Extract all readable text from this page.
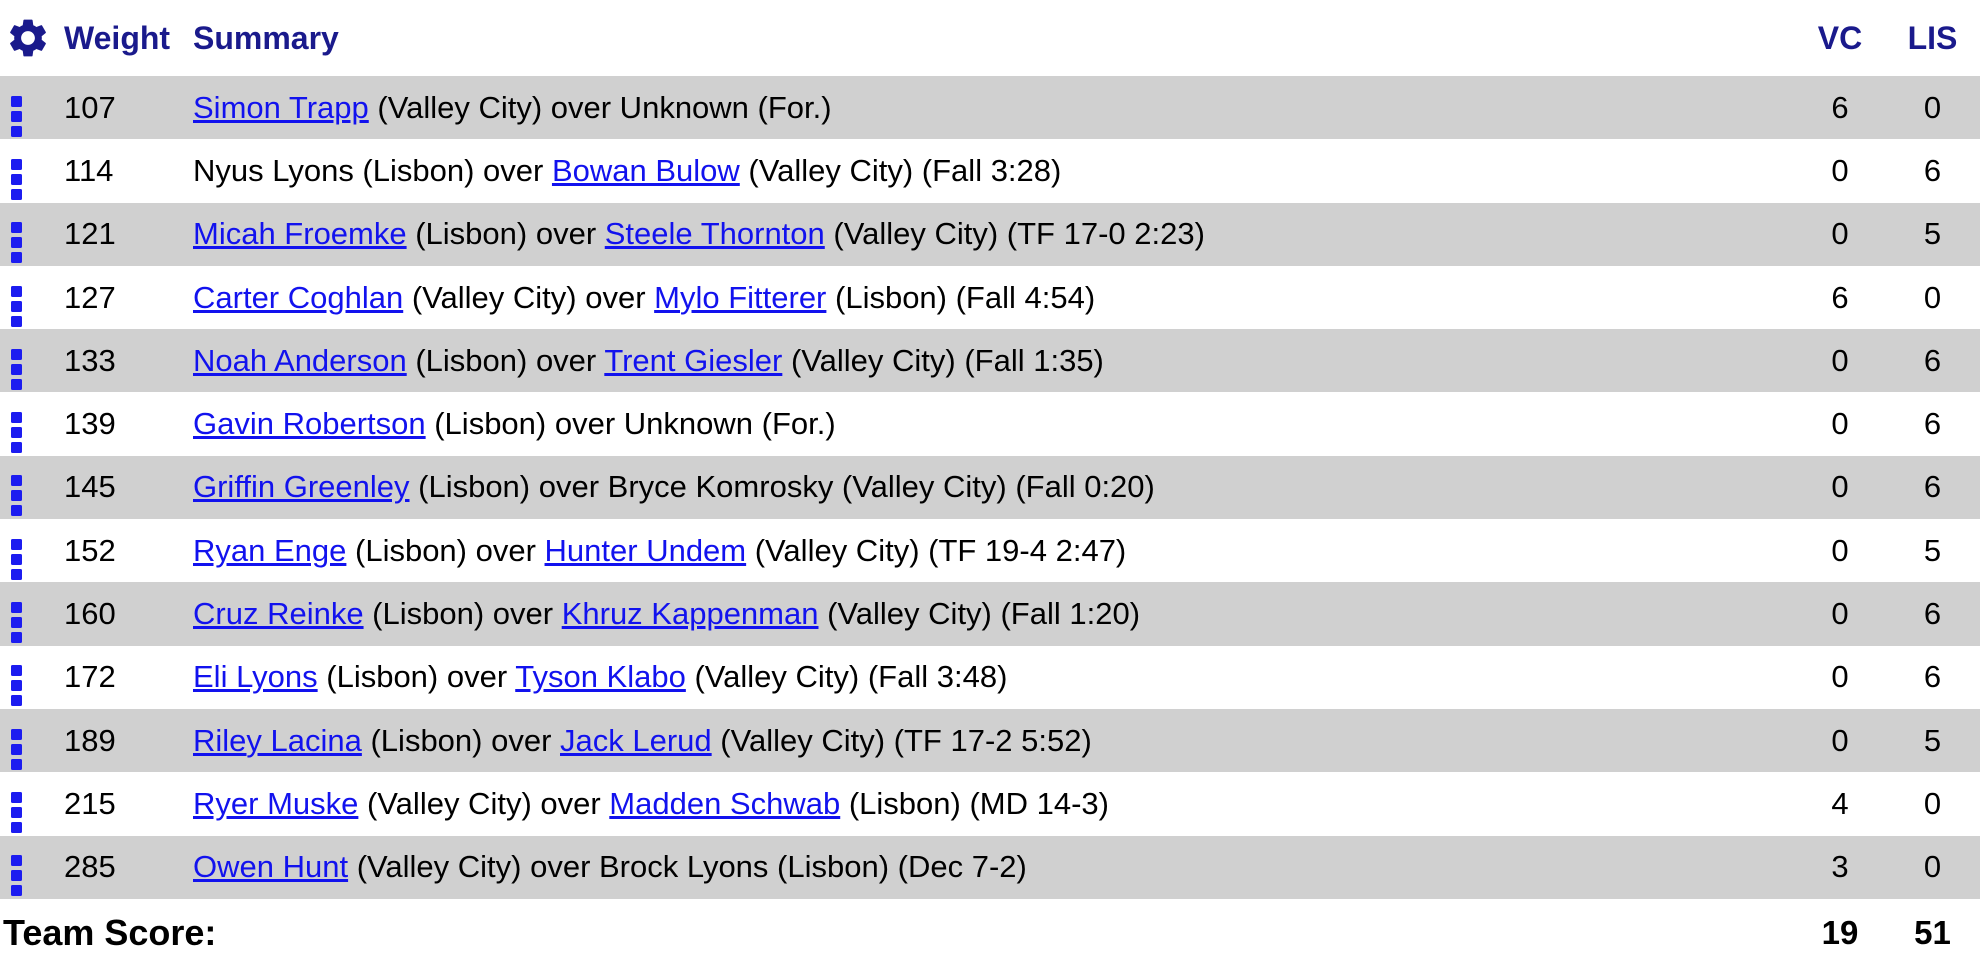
Weight Summary	VC	LIS
107	Simon Trapp (Valley City) over Unknown (For.)	6	0
114	Nyus Lyons (Lisbon) over Bowan Bulow (Valley City) (Fall 3:28)	0	6
121	Micah Froemke (Lisbon) over Steele Thornton (Valley City) (TF 17-0 2:23)	0	5
127	Carter Coghlan (Valley City) over Mylo Fitterer (Lisbon) (Fall 4:54)	6	0
133	Noah Anderson (Lisbon) over Trent Giesler (Valley City) (Fall 1:35)	0	6
139	Gavin Robertson (Lisbon) over Unknown (For.)	0	6
145	Griffin Greenley (Lisbon) over Bryce Komrosky (Valley City) (Fall 0:20)	0	6
152	Ryan Enge (Lisbon) over Hunter Undem (Valley City) (TF 19-4 2:47)	0	5
160	Cruz Reinke (Lisbon) over Khruz Kappenman (Valley City) (Fall 1:20)	0	6
172	Eli Lyons (Lisbon) over Tyson Klabo (Valley City) (Fall 3:48)	0	6
189	Riley Lacina (Lisbon) over Jack Lerud (Valley City) (TF 17-2 5:52)	0	5
215	Ryer Muske (Valley City) over Madden Schwab (Lisbon) (MD 14-3)	4	0
285	Owen Hunt (Valley City) over Brock Lyons (Lisbon) (Dec 7-2)	3	0
Team Score:	19	51
